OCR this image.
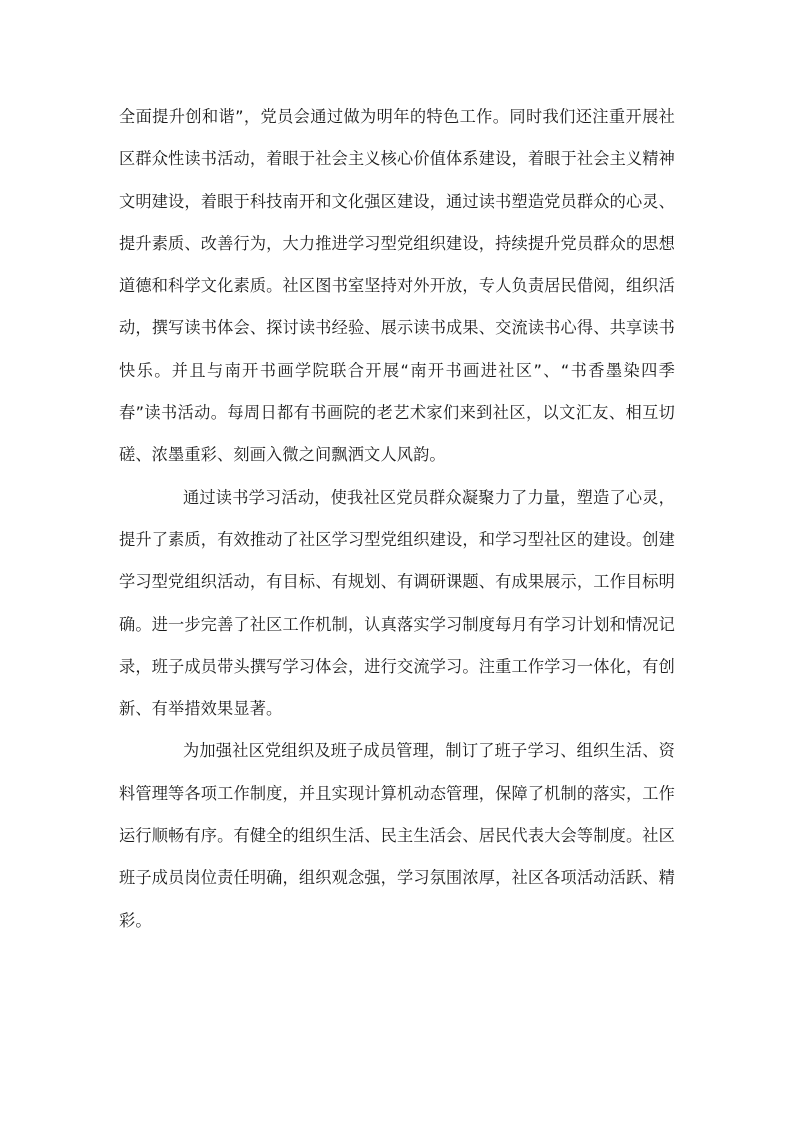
全面提升创和谐”，党员会通过做为明年的特色工作。同时我们还注重开展社区群众性读书活动，着眼于社会主义核心价值体系建设，着眼于社会主义精神文明建设，着眼于科技南开和文化强区建设，通过读书塑造党员群众的心灵、提升素质、改善行为，大力推进学习型党组织建设，持续提升党员群众的思想道德和科学文化素质。社区图书室坚持对外开放，专人负责居民借阅，组织活动，撰写读书体会、探讨读书经验、展示读书成果、交流读书心得、共享读书快乐。并且与南开书画学院联合开展“南开书画进社区”、“书香墨染四季春”读书活动。每周日都有书画院的老艺术家们来到社区，以文汇友、相互切磋、浓墨重彩、刻画入微之间飘洒文人风韵。

通过读书学习活动，使我社区党员群众凝聚力了力量，塑造了心灵，提升了素质，有效推动了社区学习型党组织建设，和学习型社区的建设。创建学习型党组织活动，有目标、有规划、有调研课题、有成果展示，工作目标明确。进一步完善了社区工作机制，认真落实学习制度每月有学习计划和情况记录，班子成员带头撰写学习体会，进行交流学习。注重工作学习一体化，有创新、有举措效果显著。

为加强社区党组织及班子成员管理，制订了班子学习、组织生活、资料管理等各项工作制度，并且实现计算机动态管理，保障了机制的落实，工作运行顺畅有序。有健全的组织生活、民主生活会、居民代表大会等制度。社区班子成员岗位责任明确，组织观念强，学习氛围浓厚，社区各项活动活跃、精彩。
